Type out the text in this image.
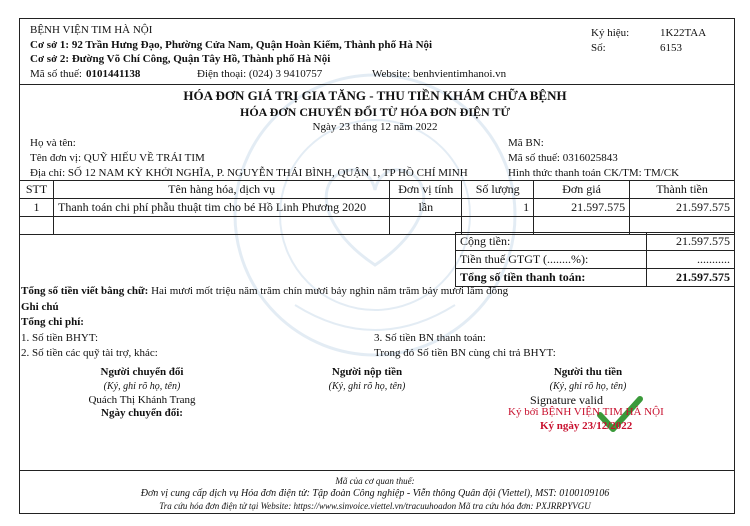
BỆNH VIỆN TIM HÀ NỘI
Cơ sở 1: 92 Trần Hưng Đạo, Phường Cửa Nam, Quận Hoàn Kiếm, Thành phố Hà Nội
Cơ sở 2: Đường Võ Chí Công, Quận Tây Hồ, Thành phố Hà Nội
Mã số thuế: 0101441138	Điện thoại: (024) 3 9410757	Website: benhvientimhanoi.vn
Ký hiệu:	1K22TAA
Số:	6153
HÓA ĐƠN GIÁ TRỊ GIA TĂNG - THU TIỀN KHÁM CHỮA BỆNH
HÓA ĐƠN CHUYỂN ĐỔI TỪ HÓA ĐƠN ĐIỆN TỬ
Ngày 23 tháng 12 năm 2022
Họ và tên:
Tên đơn vị: QUỸ HIẾU VỀ TRÁI TIM
Địa chỉ: SỐ 12 NAM KỲ KHỞI NGHĨA, P. NGUYỄN THÁI BÌNH, QUẬN 1, TP HỒ CHÍ MINH
Mã BN:
Mã số thuế: 0316025843
Hình thức thanh toán CK/TM: TM/CK
STT	Tên hàng hóa, dịch vụ	Đơn vị tính	Số lượng	Đơn giá	Thành tiền
1	Thanh toán chi phí phẫu thuật tim cho bé Hồ Linh Phương 2020	lần	1	21.597.575	21.597.575

Cộng tiền:	21.597.575
Tiền thuế GTGT (........%):	...........
Tổng số tiền thanh toán:	21.597.575
Tổng số tiền viết bằng chữ: Hai mươi mốt triệu năm trăm chín mươi bảy nghìn năm trăm bảy mươi lăm đồng
Ghi chú
Tổng chi phí:
1. Số tiền BHYT:
2. Số tiền các quỹ tài trợ, khác:
3. Số tiền BN thanh toán:
Trong đó Số tiền BN cùng chi trả BHYT:
Người chuyển đổi
(Ký, ghi rõ họ, tên)
Quách Thị Khánh Trang
Ngày chuyển đổi:
Người nộp tiền
(Ký, ghi rõ họ, tên)
Người thu tiền
(Ký, ghi rõ họ, tên)
Signature valid
Ký bởi BỆNH VIỆN TIM HÀ NỘI
Ký ngày 23/12/2022
Mã của cơ quan thuế:
Đơn vị cung cấp dịch vụ Hóa đơn điện tử: Tập đoàn Công nghiệp - Viễn thông Quân đội (Viettel), MST: 0100109106
Tra cứu hóa đơn điện tử tại Website: https://www.sinvoice.viettel.vn/tracuuhoadon Mã tra cứu hóa đơn: PXJRRPYVGU
